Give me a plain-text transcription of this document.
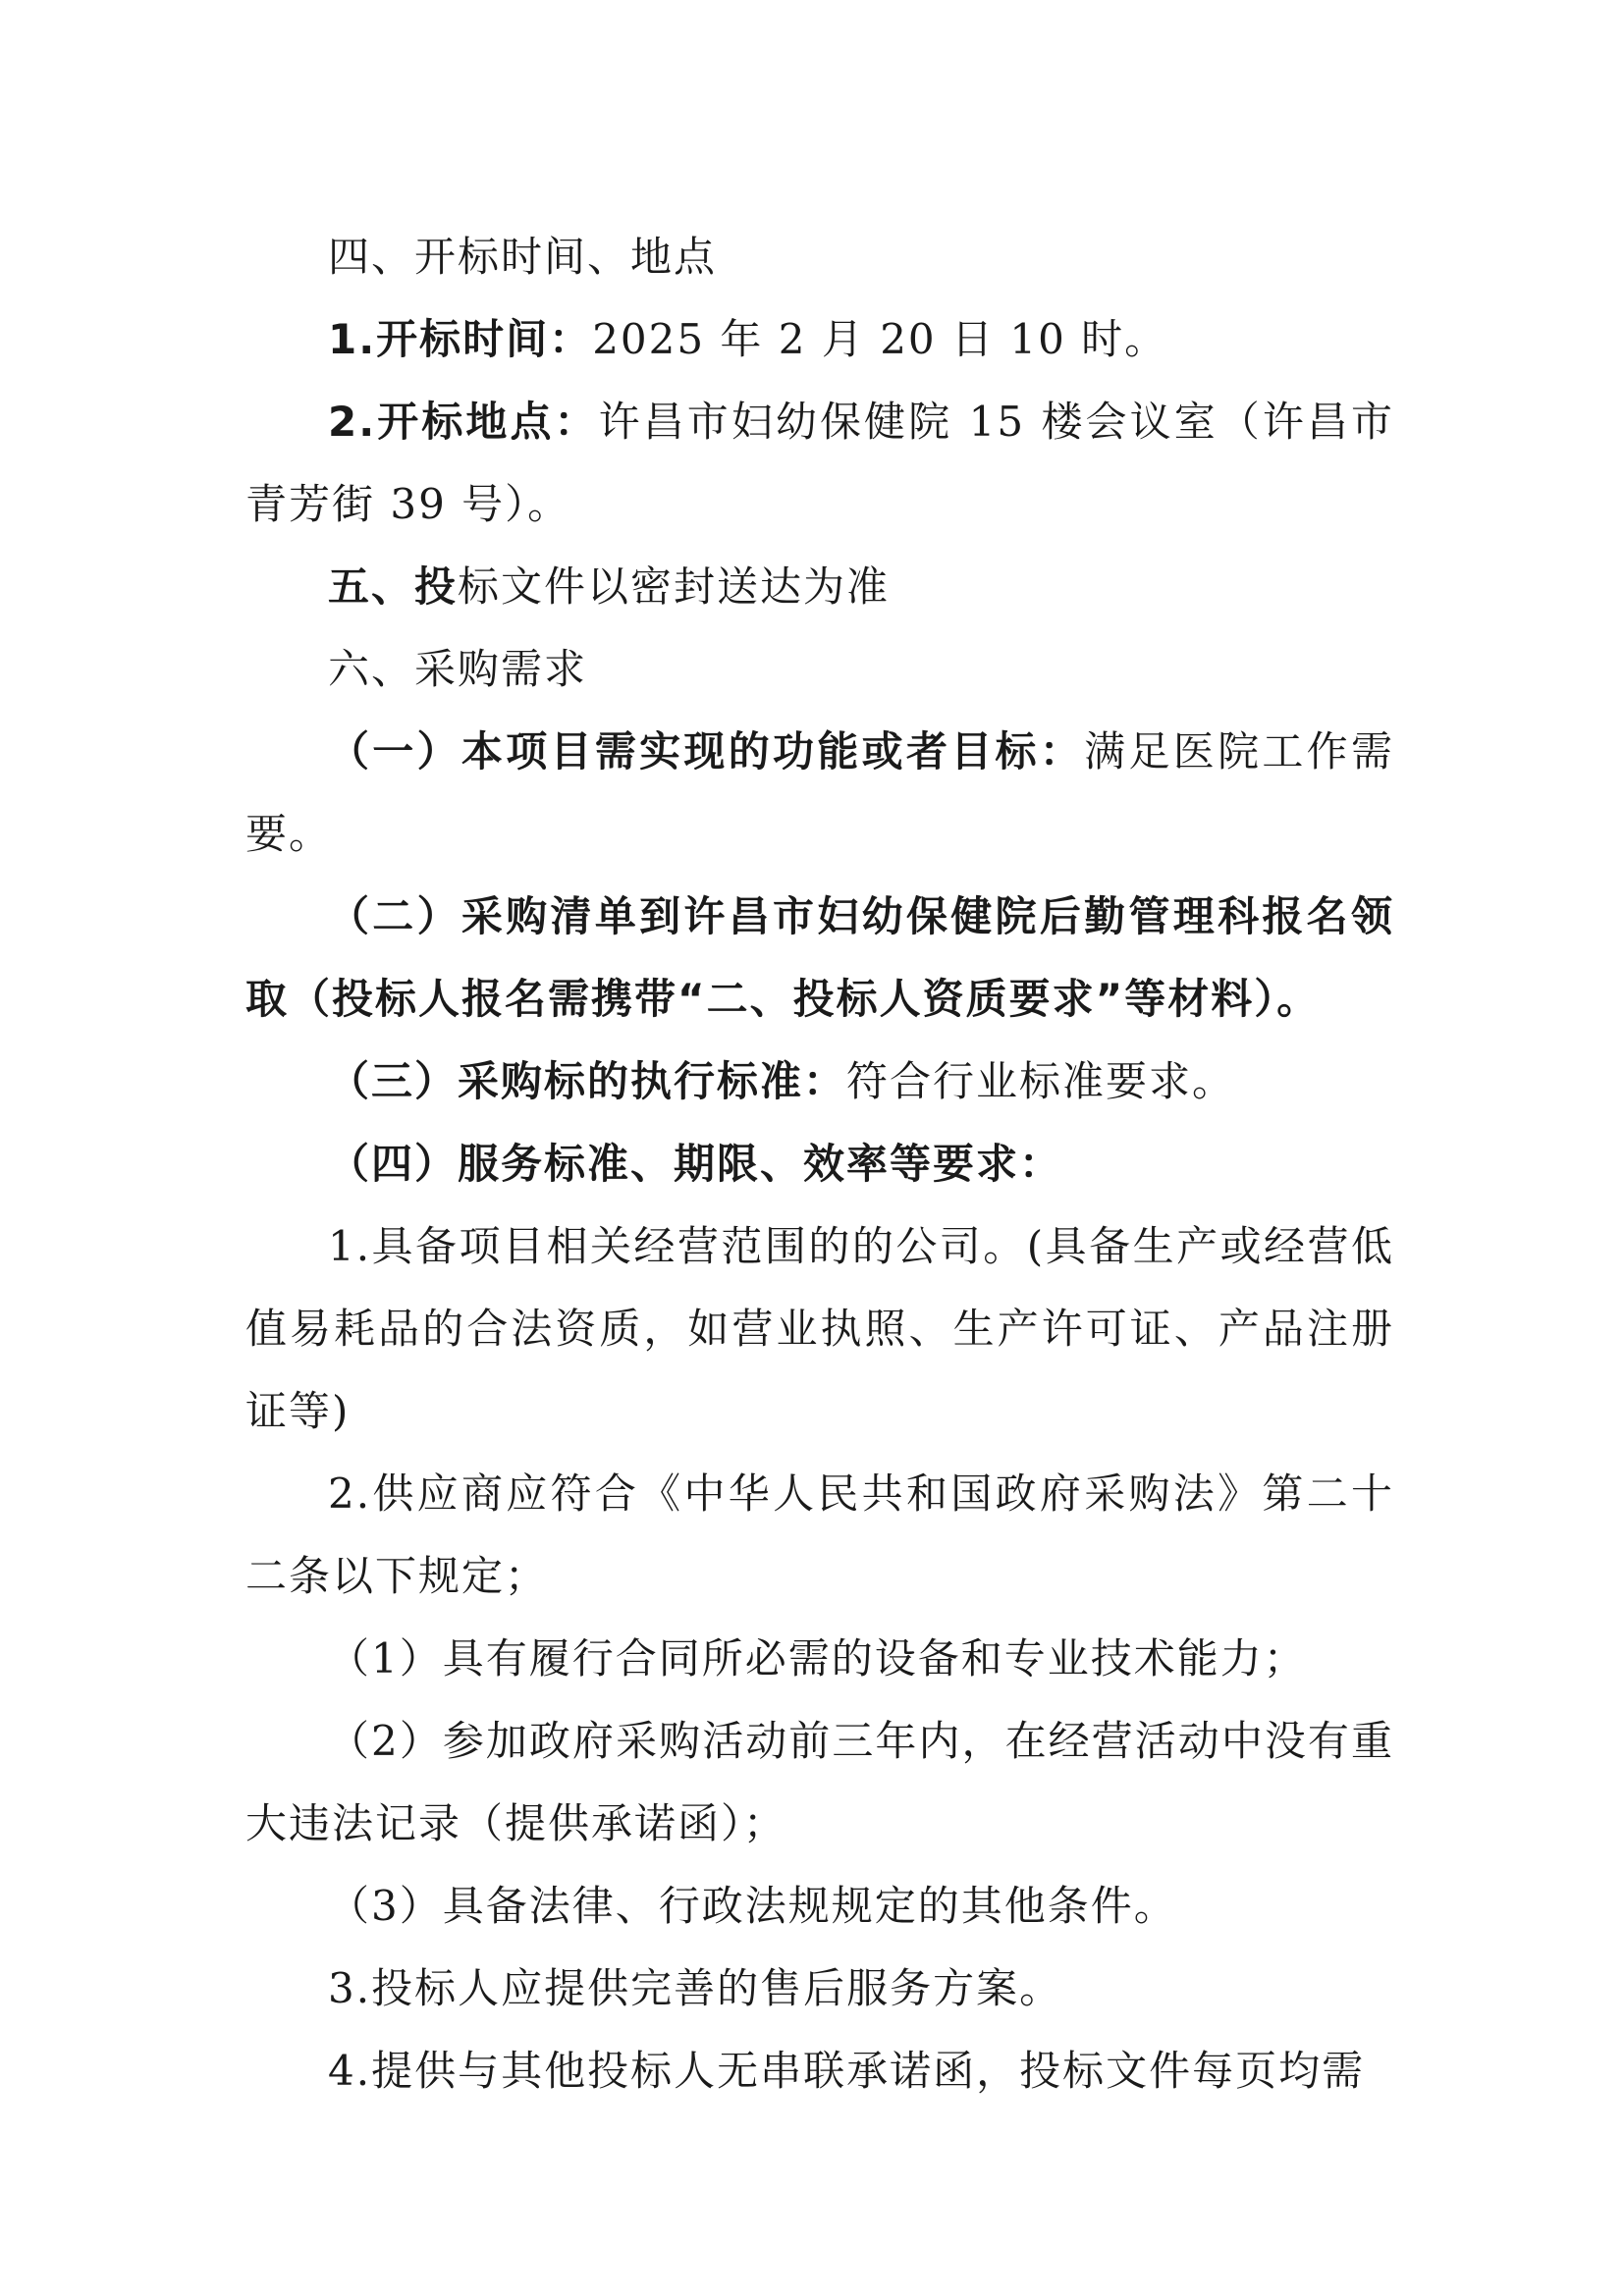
四、开标时间、地点

1.开标时间：2025 年 2 月 20 日 10 时。

2.开标地点：许昌市妇幼保健院 15 楼会议室（许昌市青芳街 39 号）。

五、投标文件以密封送达为准

六、采购需求

（一）本项目需实现的功能或者目标：满足医院工作需要。

（二）采购清单到许昌市妇幼保健院后勤管理科报名领取（投标人报名需携带“二、投标人资质要求”等材料）。

（三）采购标的执行标准：符合行业标准要求。

（四）服务标准、期限、效率等要求：

1.具备项目相关经营范围的的公司。(具备生产或经营低值易耗品的合法资质，如营业执照、生产许可证、产品注册证等)

2.供应商应符合《中华人民共和国政府采购法》第二十二条以下规定；

（1）具有履行合同所必需的设备和专业技术能力；

（2）参加政府采购活动前三年内，在经营活动中没有重大违法记录（提供承诺函）；

（3）具备法律、行政法规规定的其他条件。

3.投标人应提供完善的售后服务方案。

4.提供与其他投标人无串联承诺函，投标文件每页均需
